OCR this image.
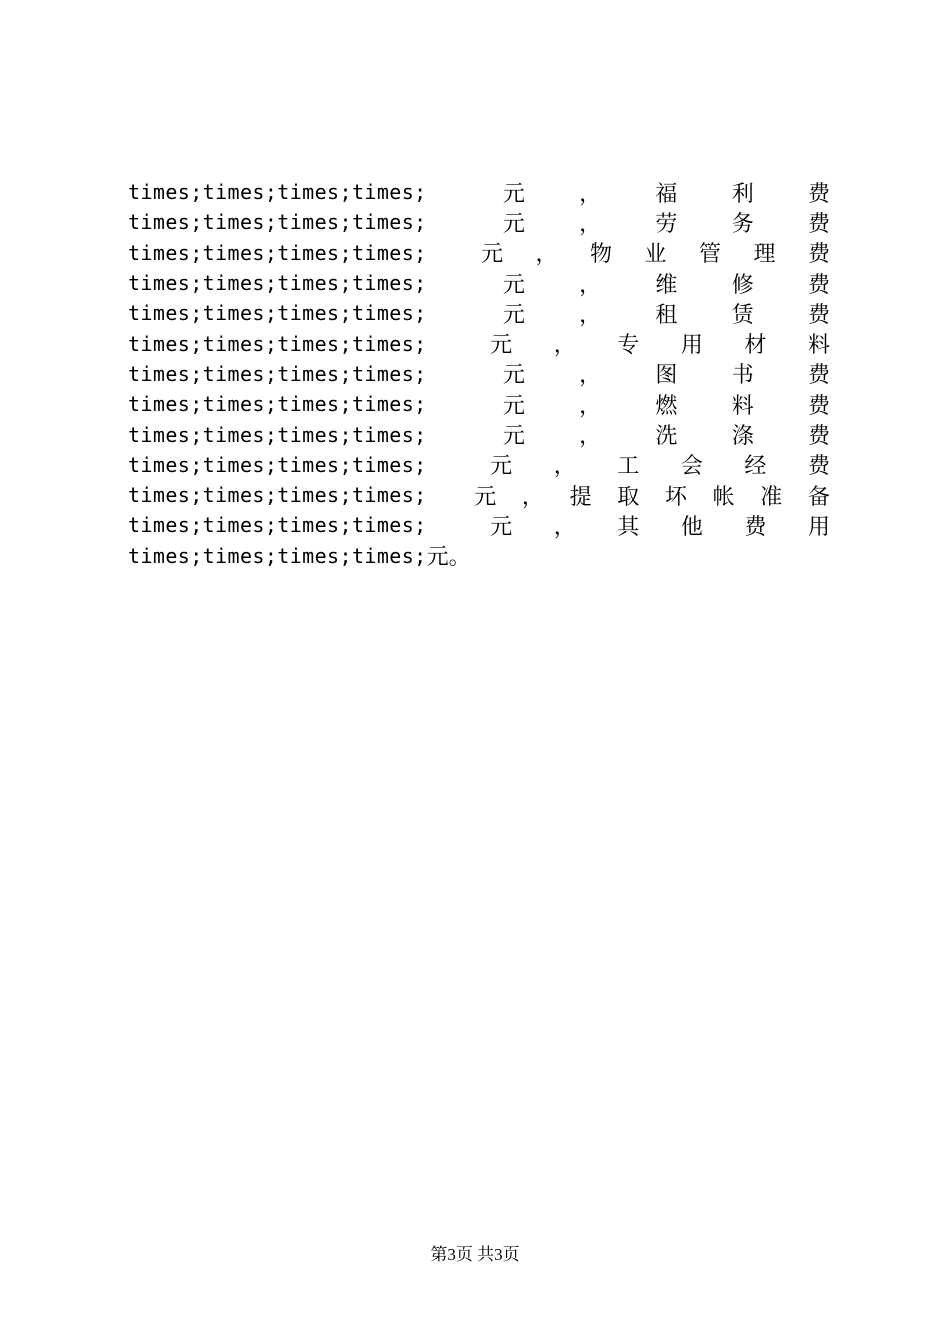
times;times;times;times;	元 ， 福 利 费
times;times;times;times;	元 ， 劳 务 费
times;times;times;times; 元 ， 物 业 管 理 费
times;times;times;times;	元 ， 维 修 费
times;times;times;times;	元 ， 租 赁 费
times;times;times;times;	元 ， 专 用 材 料
times;times;times;times;	元 ， 图 书 费
times;times;times;times;	元 ， 燃 料 费
times;times;times;times;	元 ， 洗 涤 费
times;times;times;times;	元 ， 工 会 经 费
times;times;times;times; 元 ， 提 取 坏 帐 准 备
times;times;times;times;	元 ， 其 他 费 用
times;times;times;times; 元。
第3页 共3页
